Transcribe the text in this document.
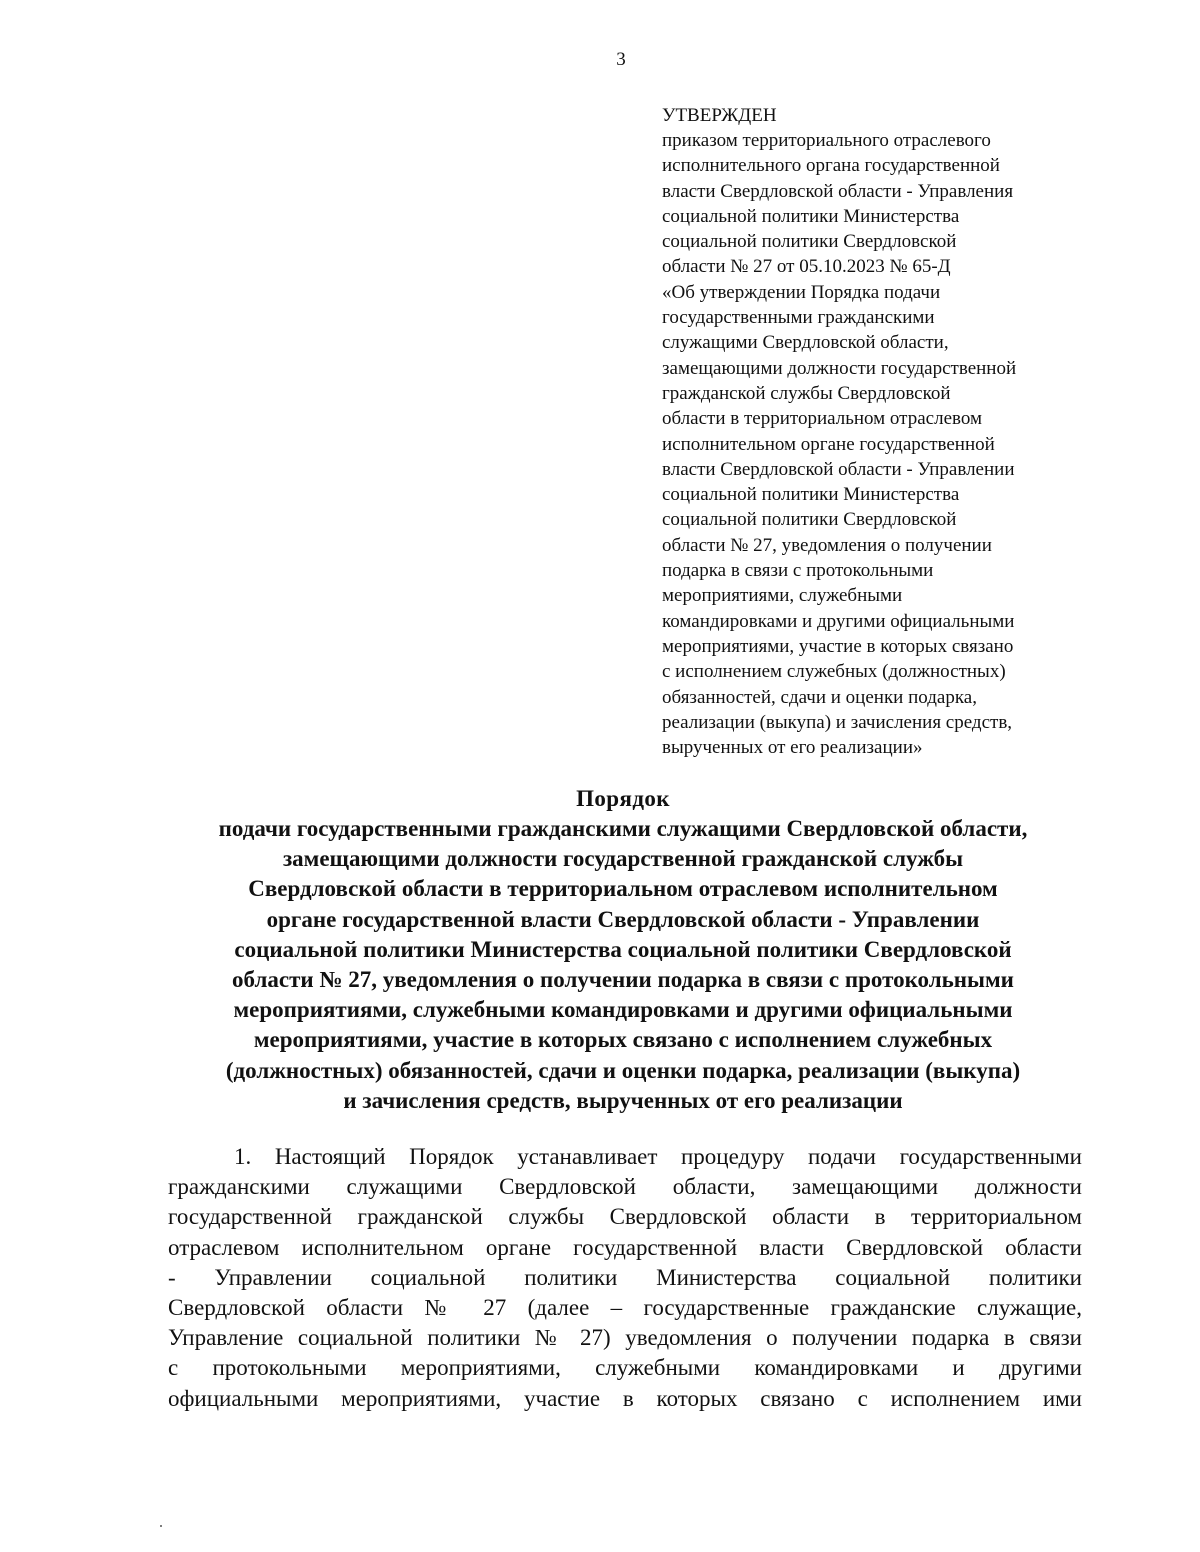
3
УТВЕРЖДЕН
приказом территориального отраслевого
исполнительного органа государственной
власти Свердловской области - Управления
социальной политики Министерства
социальной политики Свердловской
области № 27 от 05.10.2023 № 65-Д
«Об утверждении Порядка подачи
государственными гражданскими
служащими Свердловской области,
замещающими должности государственной
гражданской службы Свердловской
области в территориальном отраслевом
исполнительном органе государственной
власти Свердловской области - Управлении
социальной политики Министерства
социальной политики Свердловской
области № 27, уведомления о получении
подарка в связи с протокольными
мероприятиями, служебными
командировками и другими официальными
мероприятиями, участие в которых связано
с исполнением служебных (должностных)
обязанностей, сдачи и оценки подарка,
реализации (выкупа) и зачисления средств,
вырученных от его реализации»
Порядок
подачи государственными гражданскими служащими Свердловской области,
замещающими должности государственной гражданской службы
Свердловской области в территориальном отраслевом исполнительном
органе государственной власти Свердловской области - Управлении
социальной политики Министерства социальной политики Свердловской
области № 27, уведомления о получении подарка в связи с протокольными
мероприятиями, служебными командировками и другими официальными
мероприятиями, участие в которых связано с исполнением служебных
(должностных) обязанностей, сдачи и оценки подарка, реализации (выкупа)
и зачисления средств, вырученных от его реализации
1. Настоящий Порядок устанавливает процедуру подачи государственными
гражданскими служащими Свердловской области, замещающими должности
государственной гражданской службы Свердловской области в территориальном
отраслевом исполнительном органе государственной власти Свердловской области
- Управлении социальной политики Министерства социальной политики
Свердловской области № 27 (далее – государственные гражданские служащие,
Управление социальной политики № 27) уведомления о получении подарка в связи
с протокольными мероприятиями, служебными командировками и другими
официальными мероприятиями, участие в которых связано с исполнением ими
